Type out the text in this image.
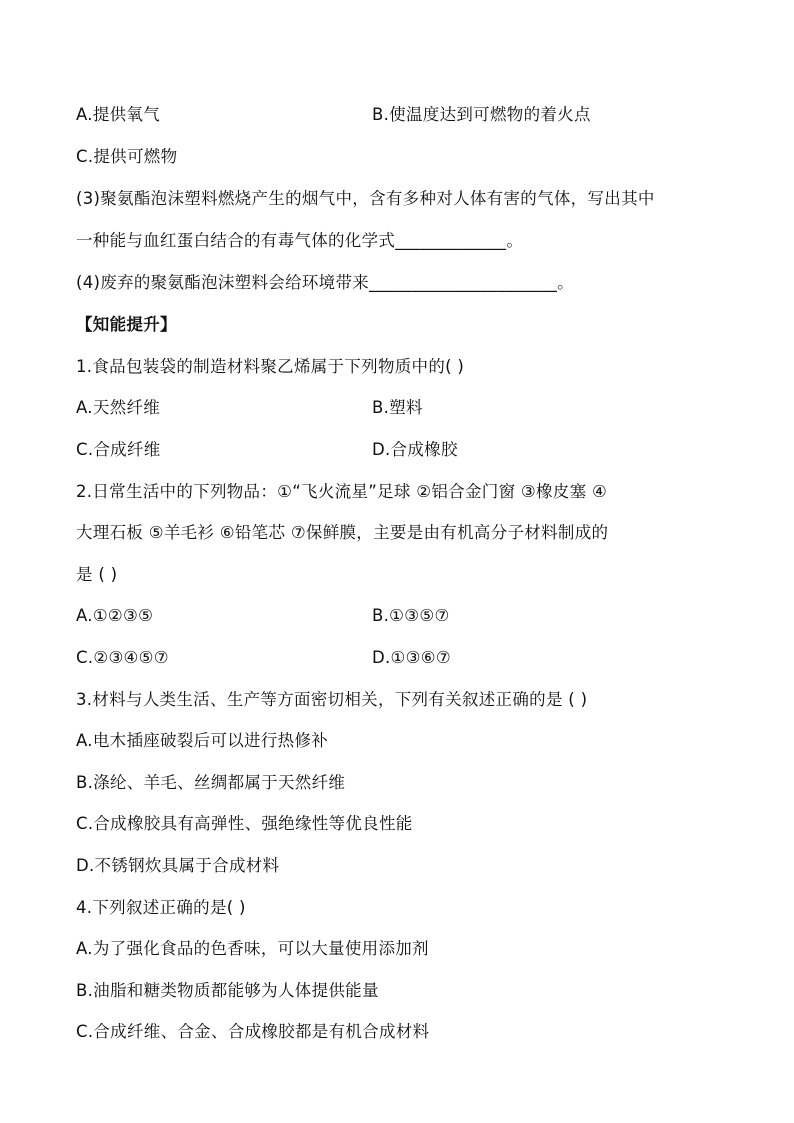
A.提供氧气	B.使温度达到可燃物的着火点
C.提供可燃物
(3)聚氨酯泡沫塑料燃烧产生的烟气中，含有多种对人体有害的气体，写出其中
一种能与血红蛋白结合的有毒气体的化学式_____________。
(4)废弃的聚氨酯泡沫塑料会给环境带来______________________。
【知能提升】
1.食品包装袋的制造材料聚乙烯属于下列物质中的( )
A.天然纤维	B.塑料
C.合成纤维	D.合成橡胶
2.日常生活中的下列物品：①“飞火流星”足球 ②铝合金门窗 ③橡皮塞 ④
大理石板 ⑤羊毛衫 ⑥铅笔芯 ⑦保鲜膜，主要是由有机高分子材料制成的
是 ( )
A.①②③⑤	B.①③⑤⑦
C.②③④⑤⑦	D.①③⑥⑦
3.材料与人类生活、生产等方面密切相关，下列有关叙述正确的是 ( )
A.电木插座破裂后可以进行热修补
B.涤纶、羊毛、丝绸都属于天然纤维
C.合成橡胶具有高弹性、强绝缘性等优良性能
D.不锈钢炊具属于合成材料
4.下列叙述正确的是( )
A.为了强化食品的色香味，可以大量使用添加剂
B.油脂和糖类物质都能够为人体提供能量
C.合成纤维、合金、合成橡胶都是有机合成材料
